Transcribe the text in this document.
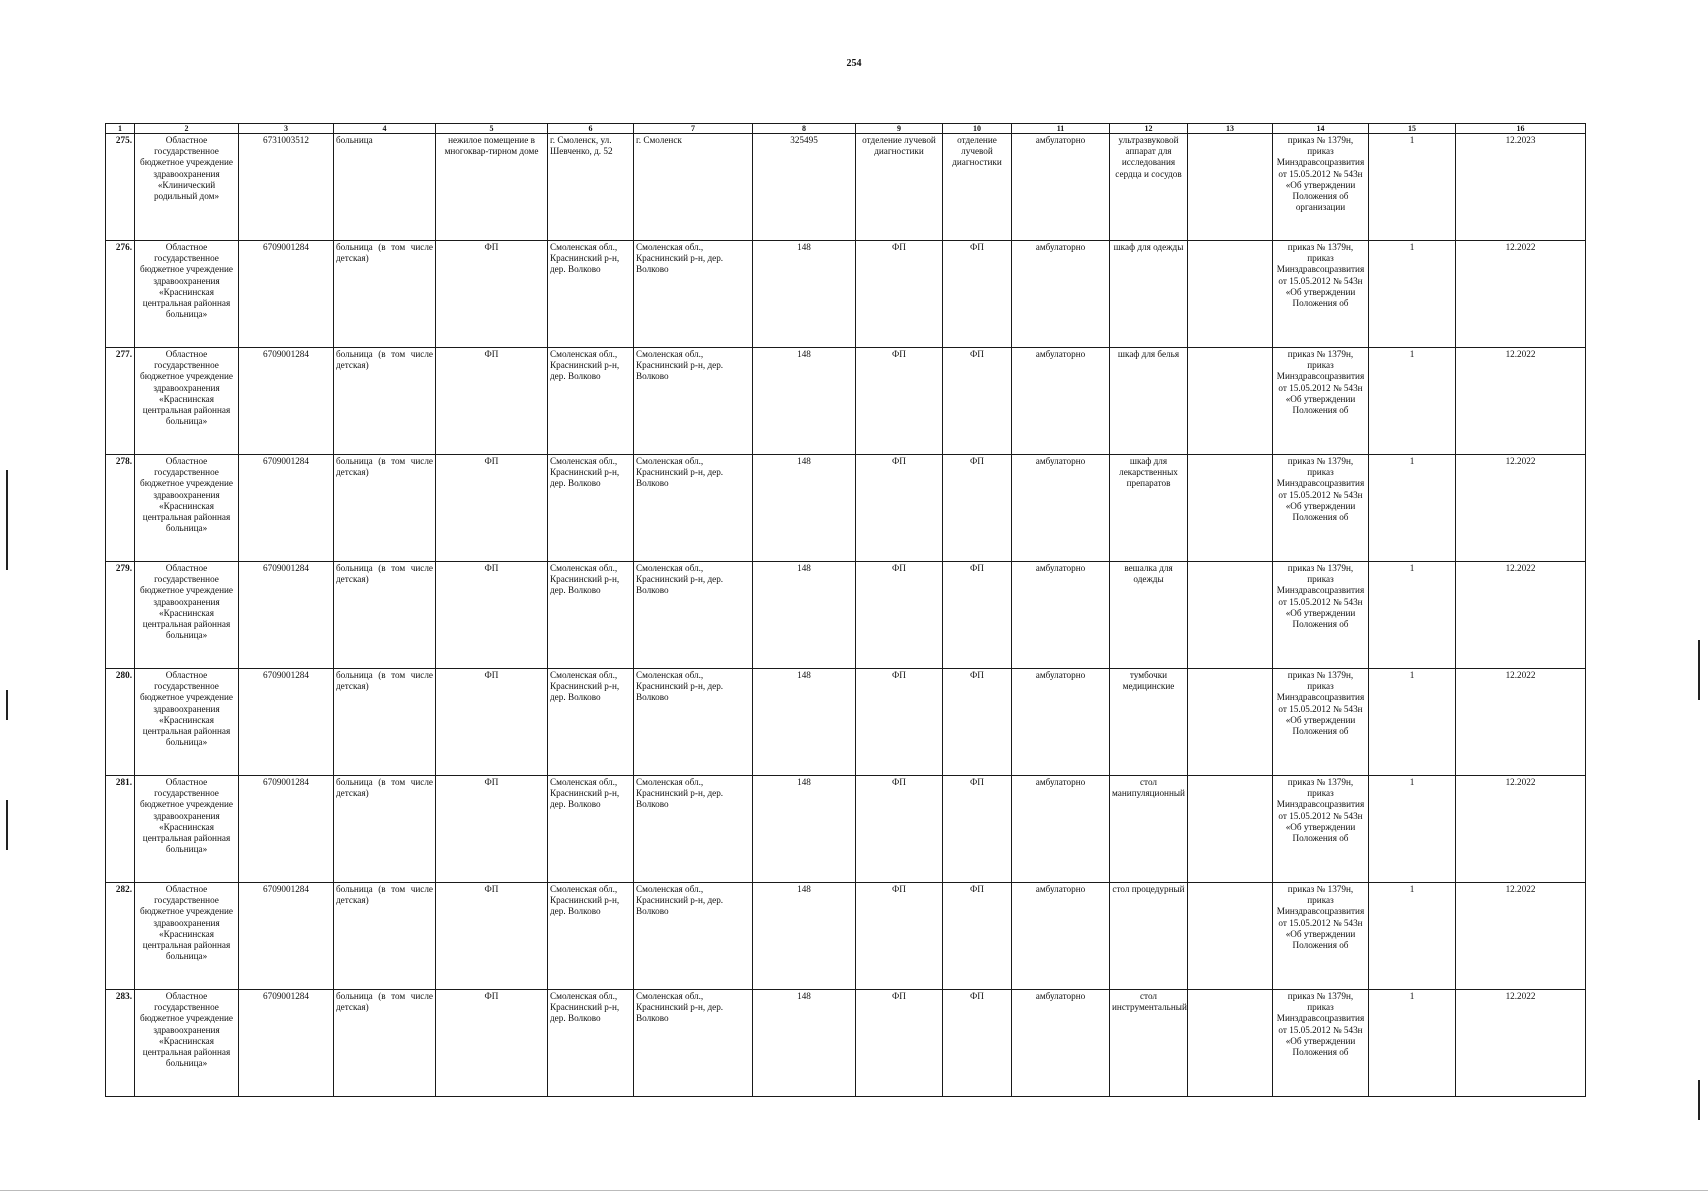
254
1	2	3	4	5	6	7	8	9	10	11	12	13	14	15	16
275.	Областное государственное бюджетное учреждение здравоохранения «Клинический родильный дом»	6731003512	больница	нежилое помещение в многоквар-тирном доме	г. Смоленск, ул. Шевченко, д. 52	г. Смоленск	325495	отделение лучевой диагностики	отделение лучевой диагностики	амбулаторно	ультразвуковой аппарат для исследования сердца и сосудов		приказ № 1379н, приказ Минздравсоцразвития от 15.05.2012 № 543н «Об утверждении Положения об организации	1	12.2023
276.	Областное государственное бюджетное учреждение здравоохранения «Краснинская центральная районная больница»	6709001284	больница (в том числе детская)	ФП	Смоленская обл., Краснинский р-н, дер. Волково	Смоленская обл., Краснинский р-н, дер. Волково	148	ФП	ФП	амбулаторно	шкаф для одежды		приказ № 1379н, приказ Минздравсоцразвития от 15.05.2012 № 543н «Об утверждении Положения об	1	12.2022
277.	Областное государственное бюджетное учреждение здравоохранения «Краснинская центральная районная больница»	6709001284	больница (в том числе детская)	ФП	Смоленская обл., Краснинский р-н, дер. Волково	Смоленская обл., Краснинский р-н, дер. Волково	148	ФП	ФП	амбулаторно	шкаф для белья		приказ № 1379н, приказ Минздравсоцразвития от 15.05.2012 № 543н «Об утверждении Положения об	1	12.2022
278.	Областное государственное бюджетное учреждение здравоохранения «Краснинская центральная районная больница»	6709001284	больница (в том числе детская)	ФП	Смоленская обл., Краснинский р-н, дер. Волково	Смоленская обл., Краснинский р-н, дер. Волково	148	ФП	ФП	амбулаторно	шкаф для лекарственных препаратов		приказ № 1379н, приказ Минздравсоцразвития от 15.05.2012 № 543н «Об утверждении Положения об	1	12.2022
279.	Областное государственное бюджетное учреждение здравоохранения «Краснинская центральная районная больница»	6709001284	больница (в том числе детская)	ФП	Смоленская обл., Краснинский р-н, дер. Волково	Смоленская обл., Краснинский р-н, дер. Волково	148	ФП	ФП	амбулаторно	вешалка для одежды		приказ № 1379н, приказ Минздравсоцразвития от 15.05.2012 № 543н «Об утверждении Положения об	1	12.2022
280.	Областное государственное бюджетное учреждение здравоохранения «Краснинская центральная районная больница»	6709001284	больница (в том числе детская)	ФП	Смоленская обл., Краснинский р-н, дер. Волково	Смоленская обл., Краснинский р-н, дер. Волково	148	ФП	ФП	амбулаторно	тумбочки медицинские		приказ № 1379н, приказ Минздравсоцразвития от 15.05.2012 № 543н «Об утверждении Положения об	1	12.2022
281.	Областное государственное бюджетное учреждение здравоохранения «Краснинская центральная районная больница»	6709001284	больница (в том числе детская)	ФП	Смоленская обл., Краснинский р-н, дер. Волково	Смоленская обл., Краснинский р-н, дер. Волково	148	ФП	ФП	амбулаторно	стол манипуляционный		приказ № 1379н, приказ Минздравсоцразвития от 15.05.2012 № 543н «Об утверждении Положения об	1	12.2022
282.	Областное государственное бюджетное учреждение здравоохранения «Краснинская центральная районная больница»	6709001284	больница (в том числе детская)	ФП	Смоленская обл., Краснинский р-н, дер. Волково	Смоленская обл., Краснинский р-н, дер. Волково	148	ФП	ФП	амбулаторно	стол процедурный		приказ № 1379н, приказ Минздравсоцразвития от 15.05.2012 № 543н «Об утверждении Положения об	1	12.2022
283.	Областное государственное бюджетное учреждение здравоохранения «Краснинская центральная районная больница»	6709001284	больница (в том числе детская)	ФП	Смоленская обл., Краснинский р-н, дер. Волково	Смоленская обл., Краснинский р-н, дер. Волково	148	ФП	ФП	амбулаторно	стол инструментальный		приказ № 1379н, приказ Минздравсоцразвития от 15.05.2012 № 543н «Об утверждении Положения об	1	12.2022
